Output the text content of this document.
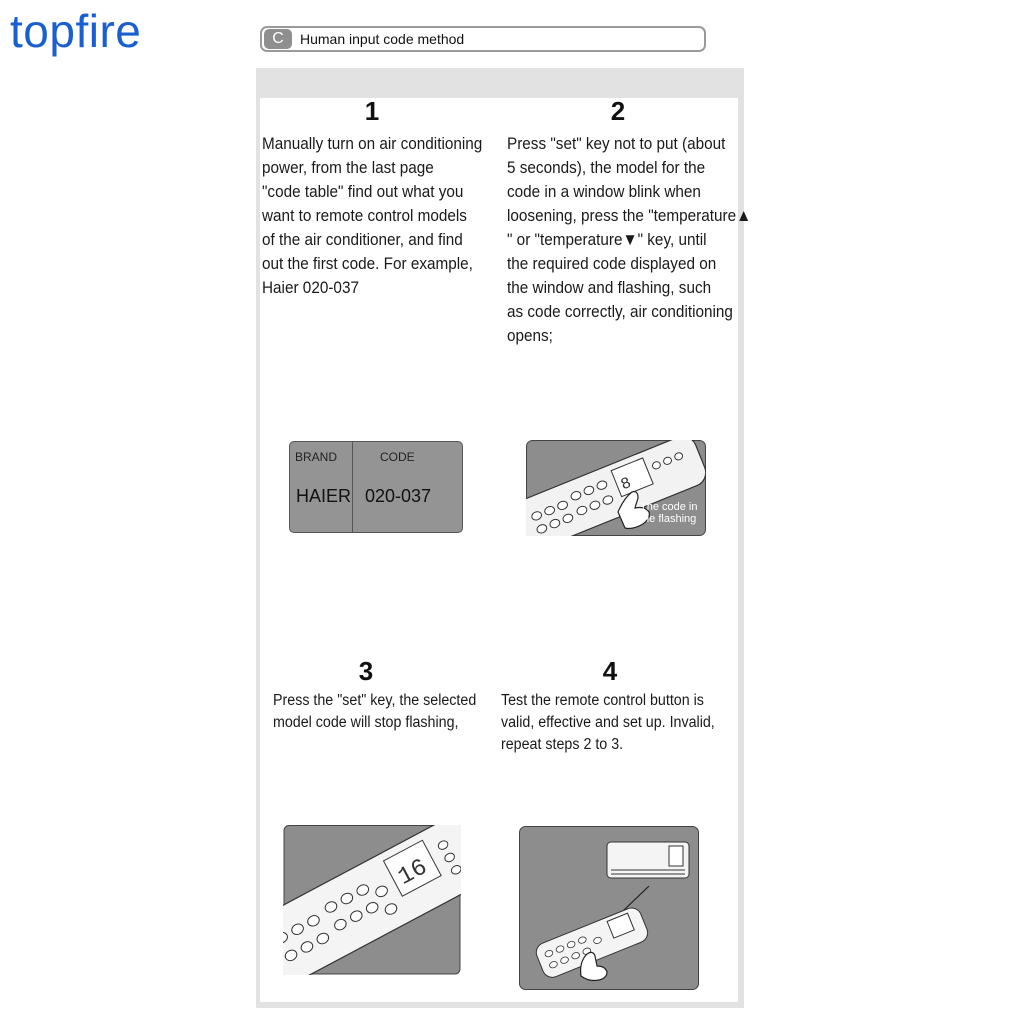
topfire	C	Human input code method
1
Manually turn on air conditioning
power, from the last page
"code table" find out what you
want to remote control models
of the air conditioner, and find
out the first code. For example,
Haier 020-037
2
Press "set" key not to put (about
5 seconds), the model for the
code in a window blink when
loosening, press the "temperature▲
" or "temperature▼" key, until
the required code displayed on
the window and flashing, such
as code correctly, air conditioning
opens;
BRAND	CODE
HAIER 020-037
8
The code in
the flashing
3
Press the "set" key, the selected
model code will stop flashing,
4
Test the remote control button is
valid, effective and set up. Invalid,
repeat steps 2 to 3.
16
